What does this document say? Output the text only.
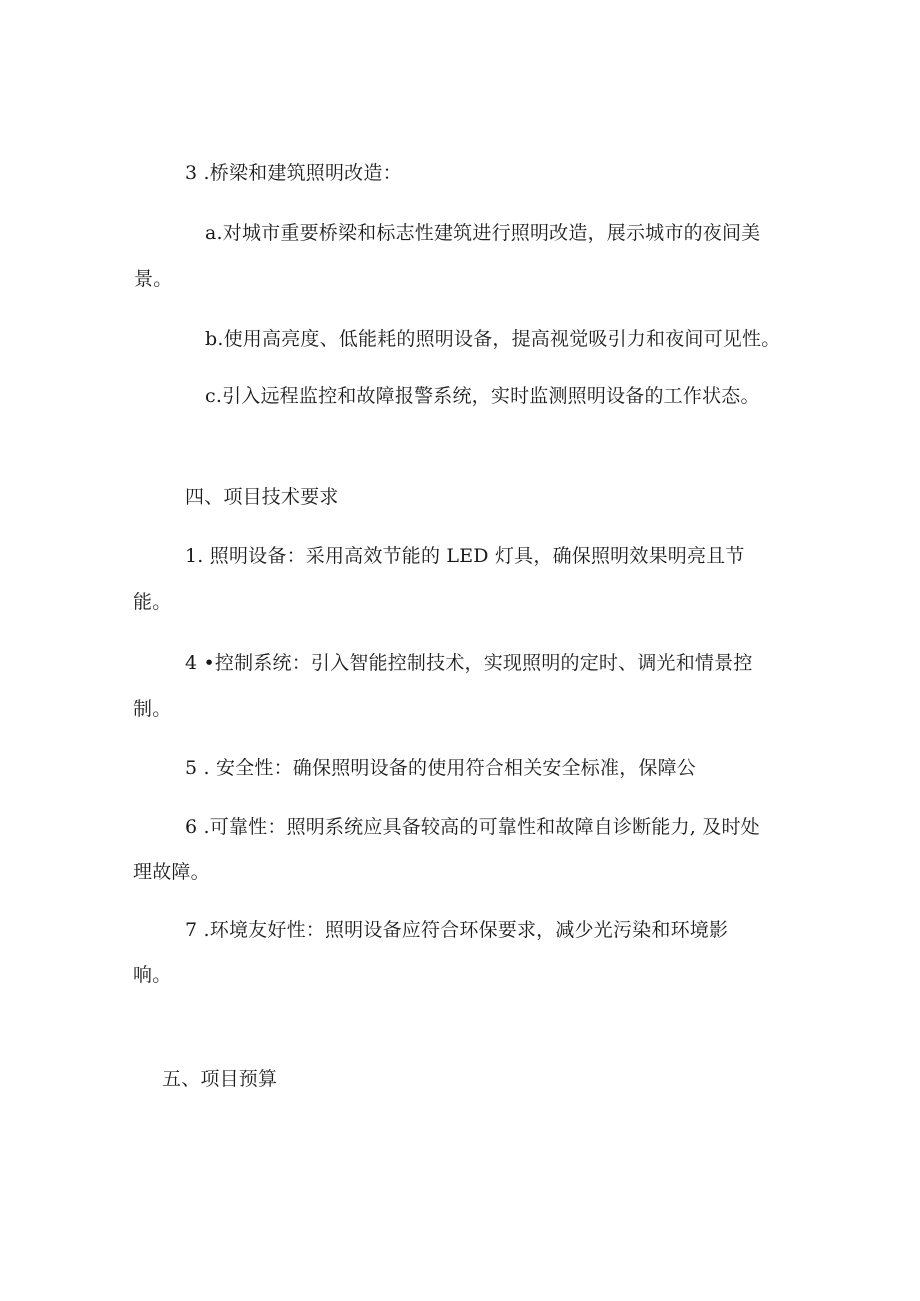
3 .桥梁和建筑照明改造：
a.对城市重要桥梁和标志性建筑进行照明改造，展示城市的夜间美
景。
b.使用高亮度、低能耗的照明设备，提高视觉吸引力和夜间可见性。
c.引入远程监控和故障报警系统，实时监测照明设备的工作状态。
四、项目技术要求
1. 照明设备：采用高效节能的 LED 灯具，确保照明效果明亮且节
能。
4 •控制系统：引入智能控制技术，实现照明的定时、调光和情景控
制。
5 . 安全性：确保照明设备的使用符合相关安全标准，保障公
6 .可靠性：照明系统应具备较高的可靠性和故障自诊断能力, 及时处
理故障。
7 .环境友好性：照明设备应符合环保要求，减少光污染和环境影
响。
五、项目预算
